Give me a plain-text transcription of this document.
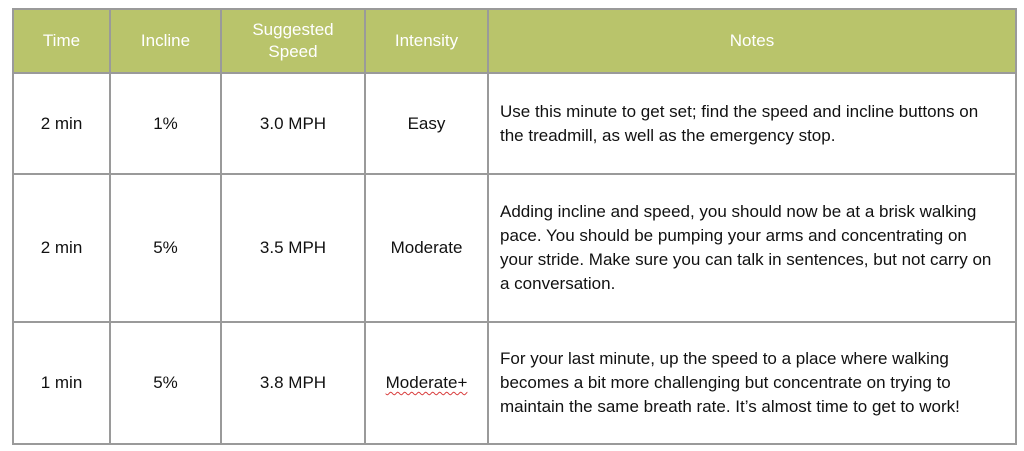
Time	Incline	Suggested Speed	Intensity	Notes
2 min	1%	3.0 MPH	Easy	Use this minute to get set; find the speed and incline buttons on the treadmill, as well as the emergency stop.
2 min	5%	3.5 MPH	Moderate	Adding incline and speed, you should now be at a brisk walking pace. You should be pumping your arms and concentrating on your stride. Make sure you can talk in sentences, but not carry on a conversation.
1 min	5%	3.8 MPH	Moderate+	For your last minute, up the speed to a place where walking becomes a bit more challenging but concentrate on trying to maintain the same breath rate. It’s almost time to get to work!
